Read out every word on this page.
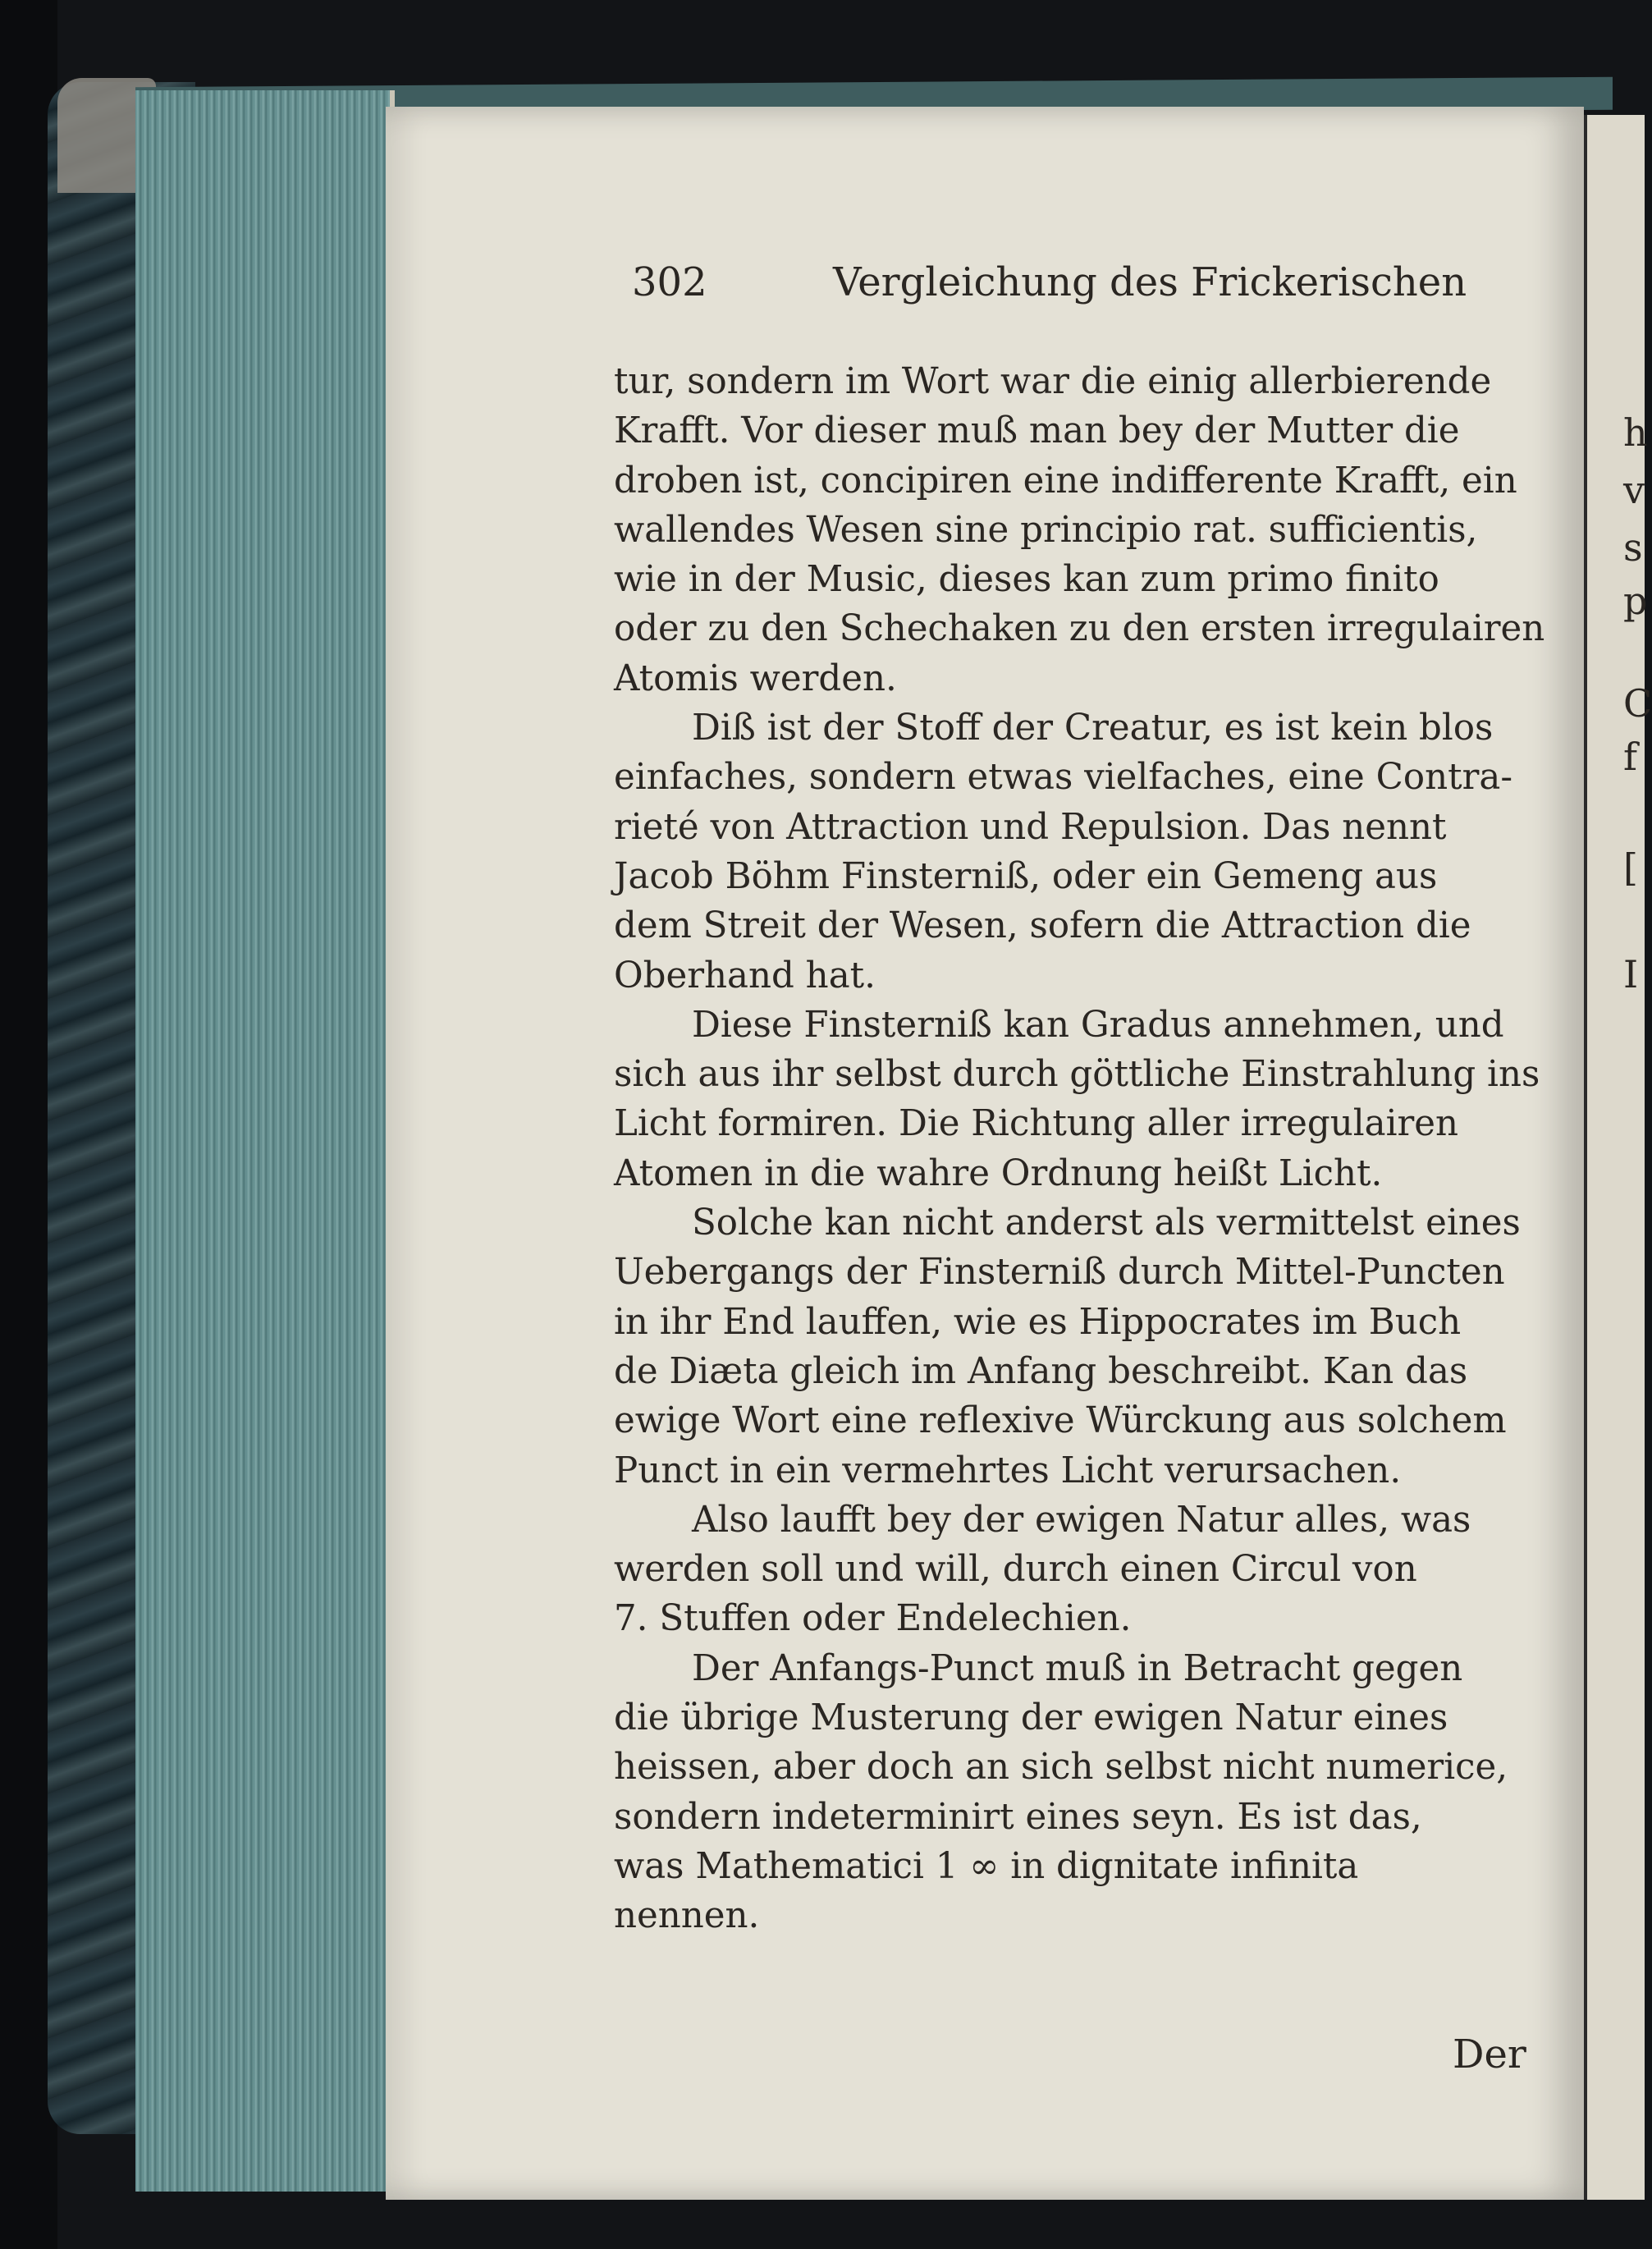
h
v
s
p
C
f
[
I
302	Vergleichung des Frickerischen
tur, sondern im Wort war die einig allerbierende
Krafft. Vor dieser muß man bey der Mutter die
droben ist, concipiren eine indifferente Krafft, ein
wallendes Wesen sine principio rat. sufficientis,
wie in der Music, dieses kan zum primo finito
oder zu den Schechaken zu den ersten irregulairen
Atomis werden.
Diß ist der Stoff der Creatur, es ist kein blos
einfaches, sondern etwas vielfaches, eine Contra-
rieté von Attraction und Repulsion. Das nennt
Jacob Böhm Finsterniß, oder ein Gemeng aus
dem Streit der Wesen, sofern die Attraction die
Oberhand hat.
Diese Finsterniß kan Gradus annehmen, und
sich aus ihr selbst durch göttliche Einstrahlung ins
Licht formiren. Die Richtung aller irregulairen
Atomen in die wahre Ordnung heißt Licht.
Solche kan nicht anderst als vermittelst eines
Uebergangs der Finsterniß durch Mittel-Puncten
in ihr End lauffen, wie es Hippocrates im Buch
de Diæta gleich im Anfang beschreibt. Kan das
ewige Wort eine reflexive Würckung aus solchem
Punct in ein vermehrtes Licht verursachen.
Also laufft bey der ewigen Natur alles, was
werden soll und will, durch einen Circul von
7. Stuffen oder Endelechien.
Der Anfangs-Punct muß in Betracht gegen
die übrige Musterung der ewigen Natur eines
heissen, aber doch an sich selbst nicht numerice,
sondern indeterminirt eines seyn. Es ist das,
was Mathematici 1 ∞ in dignitate infinita
nennen.
Der
